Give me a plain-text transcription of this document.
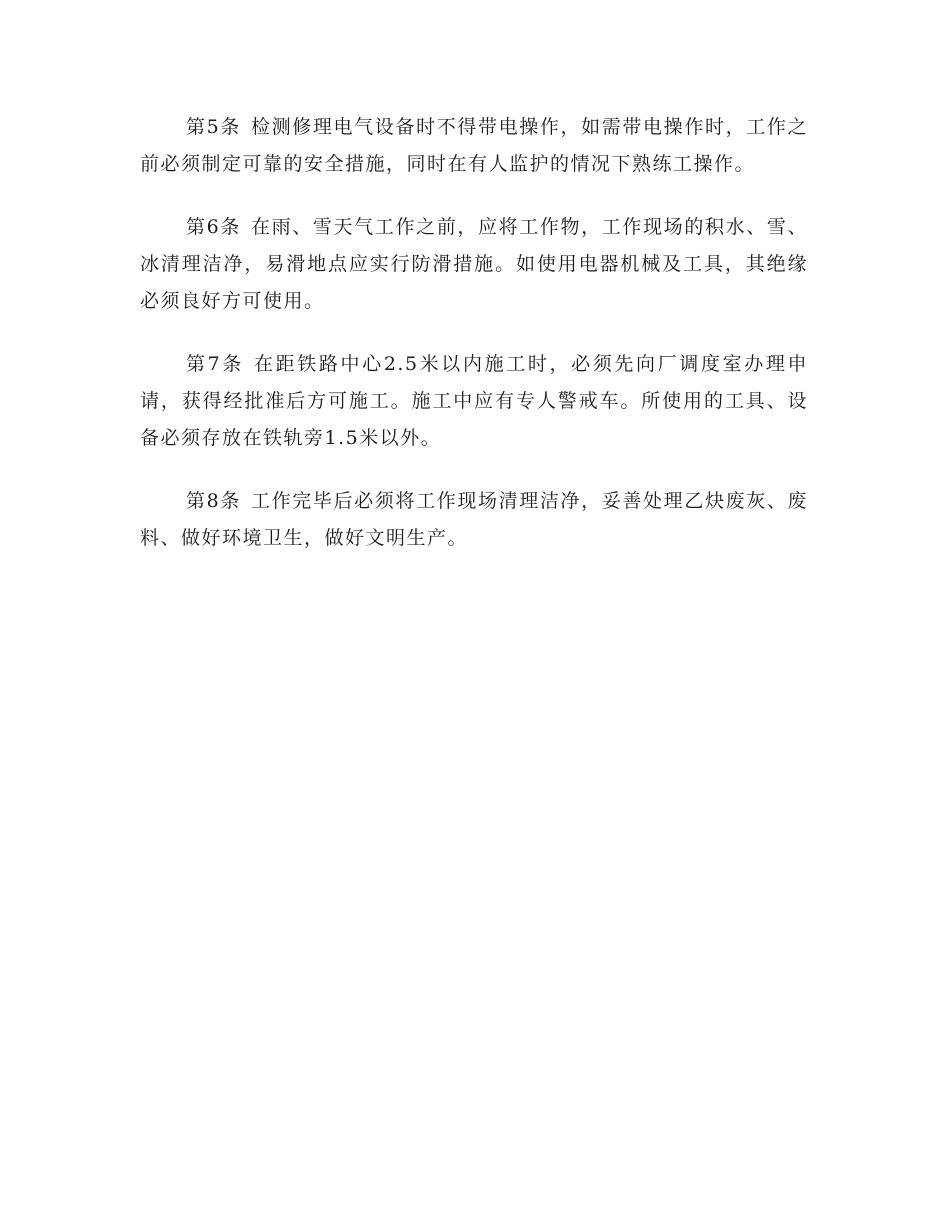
第5条 检测修理电气设备时不得带电操作，如需带电操作时，工作之前必须制定可靠的安全措施，同时在有人监护的情况下熟练工操作。

第6条 在雨、雪天气工作之前，应将工作物，工作现场的积水、雪、冰清理洁净，易滑地点应实行防滑措施。如使用电器机械及工具，其绝缘必须良好方可使用。

第7条 在距铁路中心2.5米以内施工时，必须先向厂调度室办理申请，获得经批准后方可施工。施工中应有专人警戒车。所使用的工具、设备必须存放在铁轨旁1.5米以外。

第8条 工作完毕后必须将工作现场清理洁净，妥善处理乙炔废灰、废料、做好环境卫生，做好文明生产。
